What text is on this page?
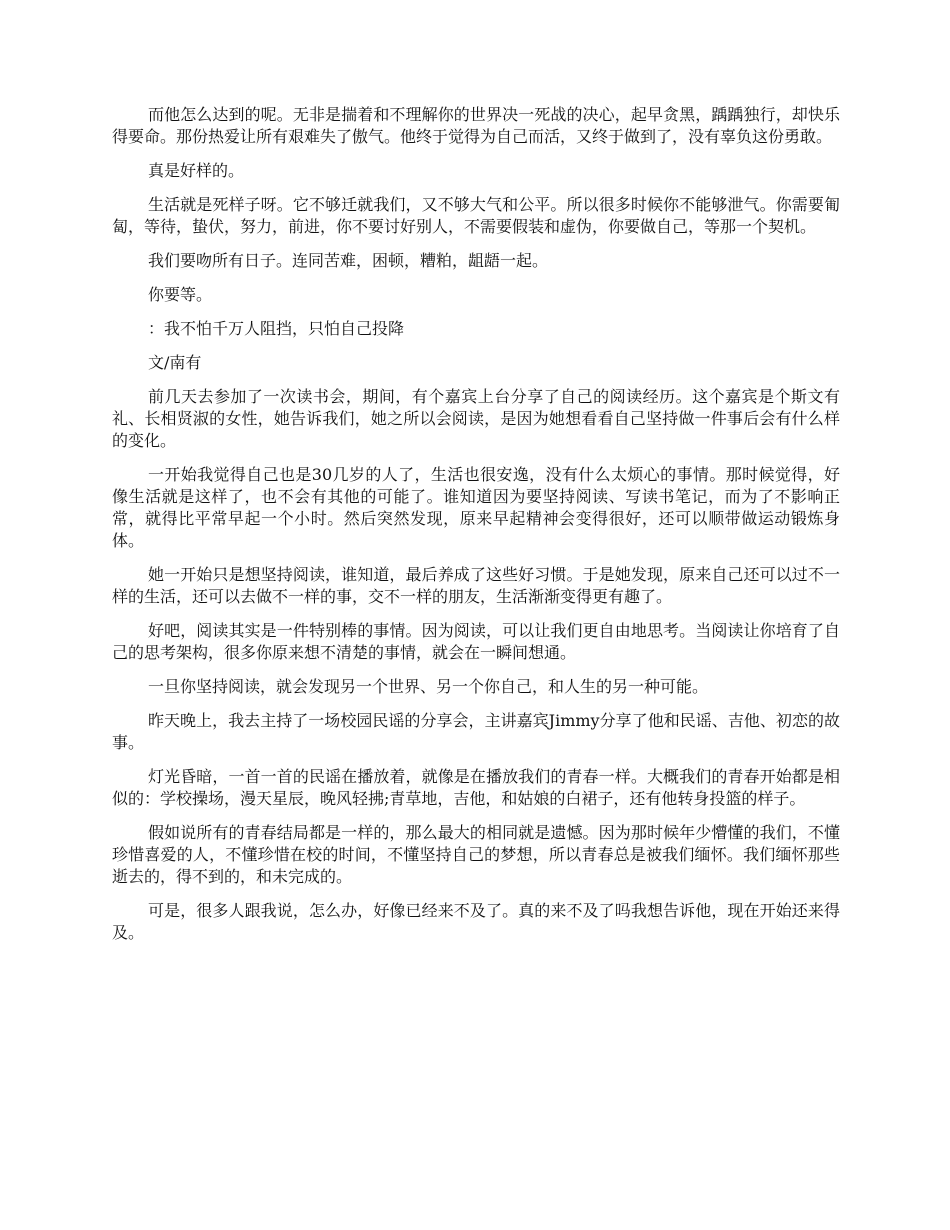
而他怎么达到的呢。无非是揣着和不理解你的世界决一死战的决心，起早贪黑，踽踽独行，却快乐得要命。那份热爱让所有艰难失了傲气。他终于觉得为自己而活，又终于做到了，没有辜负这份勇敢。

真是好样的。

生活就是死样子呀。它不够迁就我们，又不够大气和公平。所以很多时候你不能够泄气。你需要匍匐，等待，蛰伏，努力，前进，你不要讨好别人，不需要假装和虚伪，你要做自己，等那一个契机。

我们要吻所有日子。连同苦难，困顿，糟粕，龃龉一起。

你要等。

：我不怕千万人阻挡，只怕自己投降

文/南有

前几天去参加了一次读书会，期间，有个嘉宾上台分享了自己的阅读经历。这个嘉宾是个斯文有礼、长相贤淑的女性，她告诉我们，她之所以会阅读，是因为她想看看自己坚持做一件事后会有什么样的变化。

一开始我觉得自己也是30几岁的人了，生活也很安逸，没有什么太烦心的事情。那时候觉得，好像生活就是这样了，也不会有其他的可能了。谁知道因为要坚持阅读、写读书笔记，而为了不影响正常，就得比平常早起一个小时。然后突然发现，原来早起精神会变得很好，还可以顺带做运动锻炼身体。

她一开始只是想坚持阅读，谁知道，最后养成了这些好习惯。于是她发现，原来自己还可以过不一样的生活，还可以去做不一样的事，交不一样的朋友，生活渐渐变得更有趣了。

好吧，阅读其实是一件特别棒的事情。因为阅读，可以让我们更自由地思考。当阅读让你培育了自己的思考架构，很多你原来想不清楚的事情，就会在一瞬间想通。

一旦你坚持阅读，就会发现另一个世界、另一个你自己，和人生的另一种可能。

昨天晚上，我去主持了一场校园民谣的分享会，主讲嘉宾Jimmy分享了他和民谣、吉他、初恋的故事。

灯光昏暗，一首一首的民谣在播放着，就像是在播放我们的青春一样。大概我们的青春开始都是相似的：学校操场，漫天星辰，晚风轻拂;青草地，吉他，和姑娘的白裙子，还有他转身投篮的样子。

假如说所有的青春结局都是一样的，那么最大的相同就是遗憾。因为那时候年少懵懂的我们，不懂珍惜喜爱的人，不懂珍惜在校的时间，不懂坚持自己的梦想，所以青春总是被我们缅怀。我们缅怀那些逝去的，得不到的，和未完成的。

可是，很多人跟我说，怎么办，好像已经来不及了。真的来不及了吗我想告诉他，现在开始还来得及。
